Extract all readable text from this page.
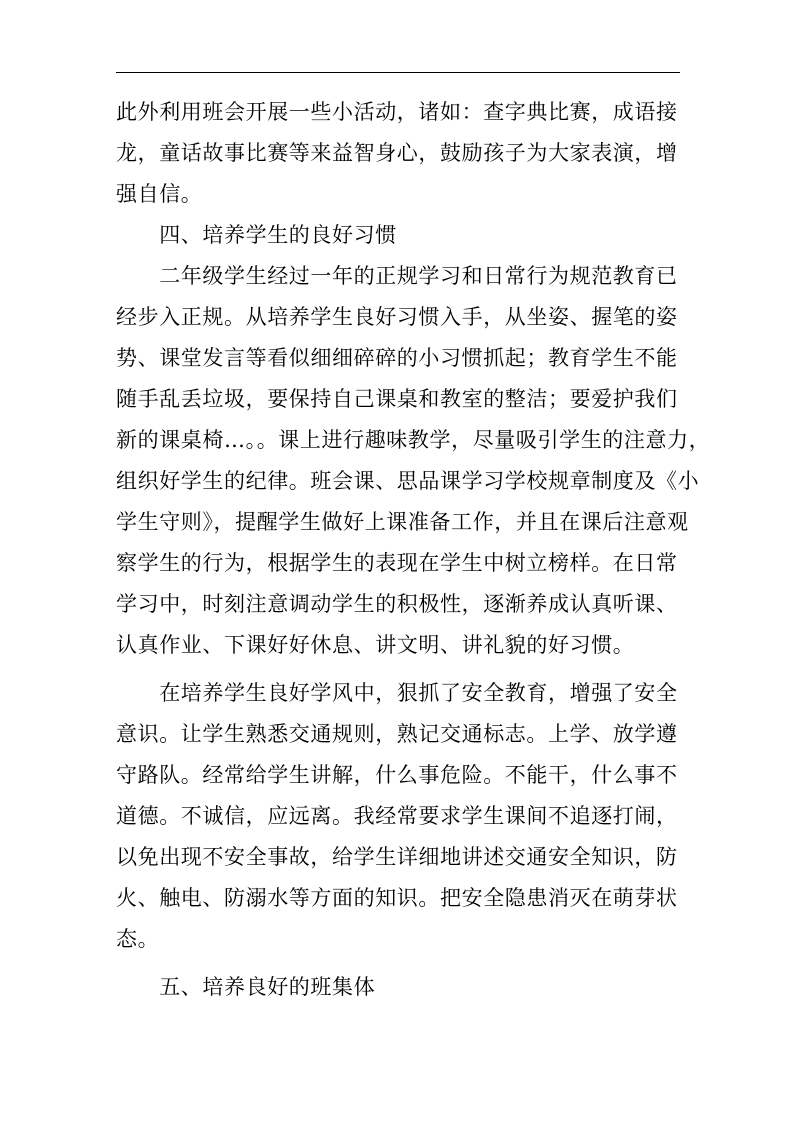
此外利用班会开展一些小活动，诸如：查字典比赛，成语接
龙，童话故事比赛等来益智身心，鼓励孩子为大家表演，增
强自信。
　　四、培养学生的良好习惯
　　二年级学生经过一年的正规学习和日常行为规范教育已
经步入正规。从培养学生良好习惯入手，从坐姿、握笔的姿
势、课堂发言等看似细细碎碎的小习惯抓起；教育学生不能
随手乱丢垃圾，要保持自己课桌和教室的整洁；要爱护我们
新的课桌椅…。。课上进行趣味教学，尽量吸引学生的注意力，
组织好学生的纪律。班会课、思品课学习学校规章制度及《小
学生守则》，提醒学生做好上课准备工作，并且在课后注意观
察学生的行为，根据学生的表现在学生中树立榜样。在日常
学习中，时刻注意调动学生的积极性，逐渐养成认真听课、
认真作业、下课好好休息、讲文明、讲礼貌的好习惯。
　　在培养学生良好学风中，狠抓了安全教育，增强了安全
意识。让学生熟悉交通规则，熟记交通标志。上学、放学遵
守路队。经常给学生讲解，什么事危险。不能干，什么事不
道德。不诚信，应远离。我经常要求学生课间不追逐打闹，
以免出现不安全事故，给学生详细地讲述交通安全知识，防
火、触电、防溺水等方面的知识。把安全隐患消灭在萌芽状
态。
　　五、培养良好的班集体
